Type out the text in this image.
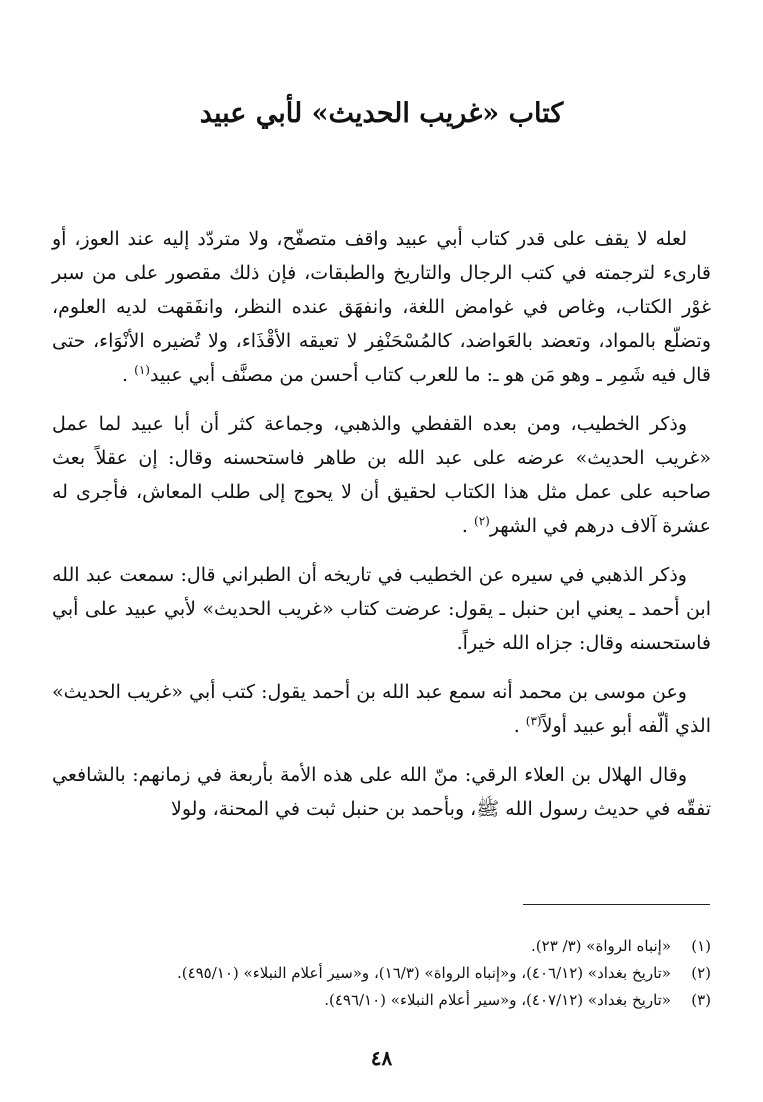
كتاب «غريب الحديث» لأبي عبيد

لعله لا يقف على قدر كتاب أبي عبيد واقف متصفّح، ولا متردّد إليه عند العوز، أو قارىء لترجمته في كتب الرجال والتاريخ والطبقات، فإن ذلك مقصور على من سبر غوْر الكتاب، وغاص في غوامض اللغة، وانفهَق عنده النظر، وانفَقهت لديه العلوم، وتضلّع بالمواد، وتعضد بالعَواضد، كالمُسْحَنْفِر لا تعيقه الأقْذَاء، ولا تُضيره الأنْوَاء، حتى قال فيه شَمِر ـ وهو مَن هو ـ: ما للعرب كتاب أحسن من مصنَّف أبي عبيد$^{(١)}$ .

وذكر الخطيب، ومن بعده القفطي والذهبي، وجماعة كثر أن أبا عبيد لما عمل «غريب الحديث» عرضه على عبد الله بن طاهر فاستحسنه وقال: إن عقلاً بعث صاحبه على عمل مثل هذا الكتاب لحقيق أن لا يحوج إلى طلب المعاش، فأجرى له عشرة آلاف درهم في الشهر$^{(٢)}$ .

وذكر الذهبي في سيره عن الخطيب في تاريخه أن الطبراني قال: سمعت عبد الله ابن أحمد ـ يعني ابن حنبل ـ يقول: عرضت كتاب «غريب الحديث» لأبي عبيد على أبي فاستحسنه وقال: جزاه الله خيراً.

وعن موسى بن محمد أنه سمع عبد الله بن أحمد يقول: كتب أبي «غريب الحديث» الذي ألّفه أبو عبيد أولاً$^{(٣)}$ .

وقال الهلال بن العلاء الرقي: منّ الله على هذه الأمة بأربعة في زمانهم: بالشافعي تفقّه في حديث رسول الله ﷺ، وبأحمد بن حنبل ثبت في المحنة، ولولا

(١)«إنباه الرواة» (٣/ ٢٣).
(٢)«تاريخ بغداد» (٤٠٦/١٢)، و«إنباه الرواة» (١٦/٣)، و«سير أعلام النبلاء» (٤٩٥/١٠).
(٣)«تاريخ بغداد» (٤٠٧/١٢)، و«سير أعلام النبلاء» (٤٩٦/١٠).
٤٨
